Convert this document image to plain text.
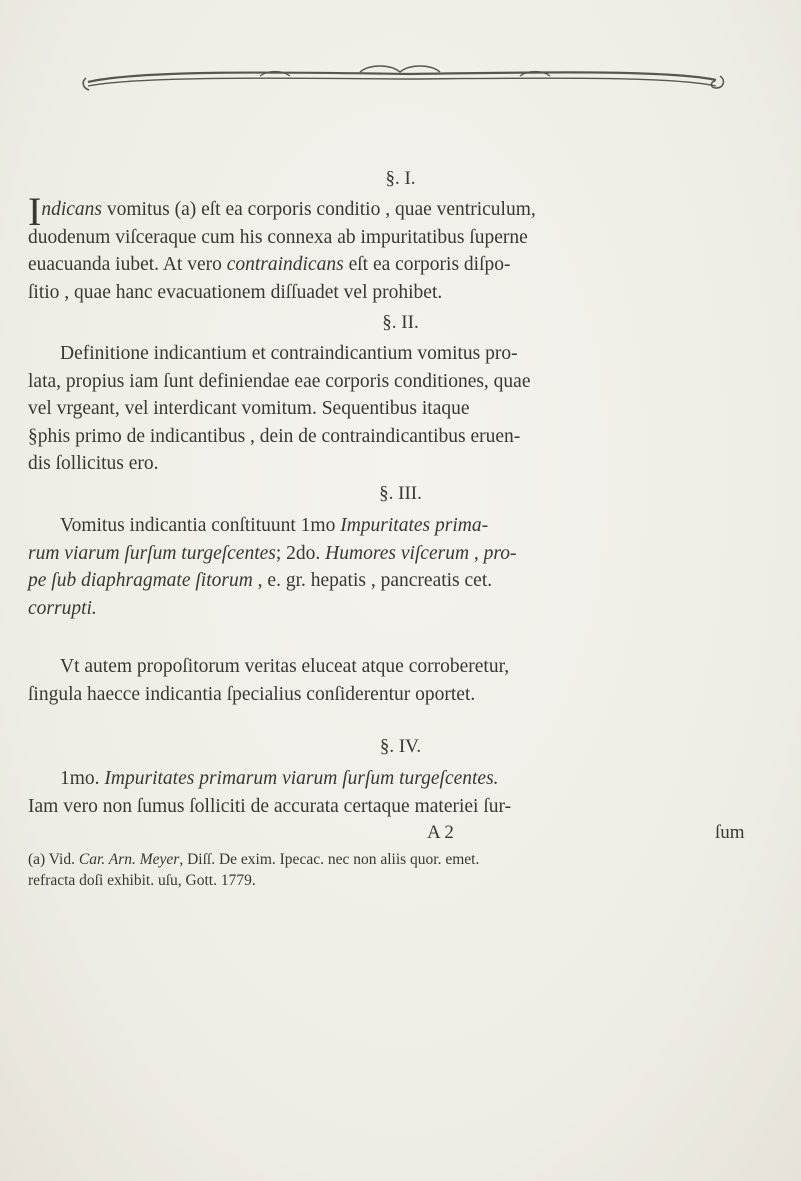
§. I.
Indicans vomitus (a) eſt ea corporis conditio , quae ventriculum,
duodenum viſceraque cum his connexa ab impuritatibus ſuperne
euacuanda iubet. At vero contraindicans eſt ea corporis diſpo-
ſitio , quae hanc evacuationem diſſuadet vel prohibet.
§. II.
Definitione indicantium et contraindicantium vomitus pro-
lata, propius iam ſunt definiendae eae corporis conditiones, quae
vel vrgeant, vel interdicant vomitum. Sequentibus itaque
§phis primo de indicantibus , dein de contraindicantibus eruen-
dis ſollicitus ero.
§. III.
Vomitus indicantia conſtituunt 1mo Impuritates prima-
rum viarum ſurſum turgeſcentes; 2do. Humores viſcerum , pro-
pe ſub diaphragmate ſitorum , e. gr. hepatis , pancreatis cet.
corrupti.
Vt autem propoſitorum veritas eluceat atque corroberetur,
ſingula haecce indicantia ſpecialius conſiderentur oportet.
§. IV.
1mo. Impuritates primarum viarum ſurſum turgeſcentes.
Iam vero non ſumus ſolliciti de accurata certaque materiei ſur-
A 2	ſum
(a) Vid. Car. Arn. Meyer, Diſſ. De exim. Ipecac. nec non aliis quor. emet.
refracta doſi exhibit. uſu, Gott. 1779.
